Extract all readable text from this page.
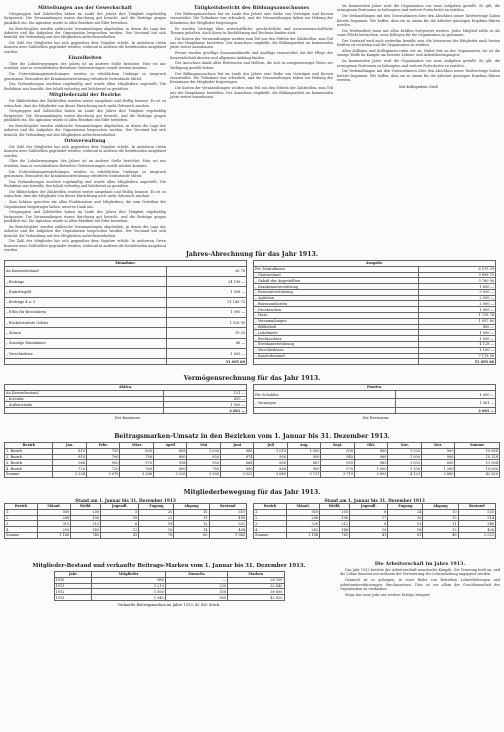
Mitteilungen aus der Gewerkschaft

Ortsgruppen und Zahlstellen haben im Laufe des Jahres ihre Tätigkeit regelmäßig fortgesetzt. Die Versammlungen waren durchweg gut besucht, und die Beiträge gingen pünktlich ein. Die Agitation wurde in allen Bezirken mit Eifer betrieben.

Im Berichtsjahre wurden zahlreiche Versammlungen abgehalten, in denen die Lage der Arbeiter und die Aufgaben der Organisation besprochen wurden. Der Vorstand hat sich bemüht, die Verbindung mit den Mitgliedern aufrechtzuerhalten.

Die Zahl der Mitglieder hat sich gegenüber dem Vorjahre erhöht. In mehreren Orten konnten neue Zahlstellen gegründet werden, während in anderen die bestehenden ausgebaut wurden.

Einzelheiten

Über die Lohnbewegungen des Jahres ist an anderer Stelle berichtet. Hier sei nur erwähnt, dass in verschiedenen Betrieben Verbesserungen erzielt werden konnten.

Die Unterstützungseinrichtungen wurden in erheblichem Umfange in Anspruch genommen. Besonders die Krankenunterstützung erforderte bedeutende Mittel.

Das Verbandsorgan erschien regelmäßig und wurde allen Mitgliedern zugestellt. Die Redaktion war bemüht, den Inhalt vielseitig und belehrend zu gestalten.

Mitgliederzahl der Bezirke

Die Bibliotheken der Zahlstellen wurden weiter ausgebaut und fleißig benutzt. Es ist zu wünschen, dass die Mitglieder von dieser Einrichtung noch mehr Gebrauch machen.

Ortsgruppen und Zahlstellen haben im Laufe des Jahres ihre Tätigkeit regelmäßig fortgesetzt. Die Versammlungen waren durchweg gut besucht, und die Beiträge gingen pünktlich ein. Die Agitation wurde in allen Bezirken mit Eifer betrieben.

Im Berichtsjahre wurden zahlreiche Versammlungen abgehalten, in denen die Lage der Arbeiter und die Aufgaben der Organisation besprochen wurden. Der Vorstand hat sich bemüht, die Verbindung mit den Mitgliedern aufrechtzuerhalten.

Ortsverwaltung

Die Zahl der Mitglieder hat sich gegenüber dem Vorjahre erhöht. In mehreren Orten konnten neue Zahlstellen gegründet werden, während in anderen die bestehenden ausgebaut wurden.

Über die Lohnbewegungen des Jahres ist an anderer Stelle berichtet. Hier sei nur erwähnt, dass in verschiedenen Betrieben Verbesserungen erzielt werden konnten.

Die Unterstützungseinrichtungen wurden in erheblichem Umfange in Anspruch genommen. Besonders die Krankenunterstützung erforderte bedeutende Mittel.

Das Verbandsorgan erschien regelmäßig und wurde allen Mitgliedern zugestellt. Die Redaktion war bemüht, den Inhalt vielseitig und belehrend zu gestalten.

Die Bibliotheken der Zahlstellen wurden weiter ausgebaut und fleißig benutzt. Es ist zu wünschen, dass die Mitglieder von dieser Einrichtung noch mehr Gebrauch machen.

Zum Schluss sprechen wir allen Funktionären und Mitgliedern, die zum Gedeihen der Organisation beigetragen haben, unseren Dank aus.

Ortsgruppen und Zahlstellen haben im Laufe des Jahres ihre Tätigkeit regelmäßig fortgesetzt. Die Versammlungen waren durchweg gut besucht, und die Beiträge gingen pünktlich ein. Die Agitation wurde in allen Bezirken mit Eifer betrieben.

Im Berichtsjahre wurden zahlreiche Versammlungen abgehalten, in denen die Lage der Arbeiter und die Aufgaben der Organisation besprochen wurden. Der Vorstand hat sich bemüht, die Verbindung mit den Mitgliedern aufrechtzuerhalten.

Die Zahl der Mitglieder hat sich gegenüber dem Vorjahre erhöht. In mehreren Orten konnten neue Zahlstellen gegründet werden, während in anderen die bestehenden ausgebaut wurden.

Tätigkeitsbericht des Bildungsausschusses

Der Bildungsausschuss hat im Laufe des Jahres eine Reihe von Vorträgen und Kursen veranstaltet. Die Teilnahme war erfreulich, und die Veranstaltungen haben zur Hebung der Kenntnisse der Mitglieder beigetragen.

Es wurden Vorträge über wirtschaftliche, geschichtliche und naturwissenschaftliche Themen gehalten. Auch Kurse in Buchführung und Rechnen fanden statt.

Die Kosten der Veranstaltungen wurden zum Teil aus den Mitteln der Zahlstellen, zum Teil aus der Hauptkasse bestritten. Der Ausschuss empfiehlt, die Bildungsarbeit im kommenden Jahre weiter auszubauen.

Ferner wurden gesellige Zusammenkünfte und Ausflüge veranstaltet, die der Pflege der Kameradschaft dienten und allgemein Anklang fanden.

Der Ausschuss dankt allen Referenten und Helfern, die sich in uneigennütziger Weise zur Verfügung gestellt haben.

Der Bildungsausschuss hat im Laufe des Jahres eine Reihe von Vorträgen und Kursen veranstaltet. Die Teilnahme war erfreulich, und die Veranstaltungen haben zur Hebung der Kenntnisse der Mitglieder beigetragen.

Die Kosten der Veranstaltungen wurden zum Teil aus den Mitteln der Zahlstellen, zum Teil aus der Hauptkasse bestritten. Der Ausschuss empfiehlt, die Bildungsarbeit im kommenden Jahre weiter auszubauen.

Im kommenden Jahre wird die Organisation vor neue Aufgaben gestellt. Es gilt, die errungenen Positionen zu behaupten und weitere Fortschritte zu erzielen.

Die Verhandlungen mit den Unternehmern über den Abschluss neuer Tarifverträge haben bereits begonnen. Wir hoffen, dass sie zu einem für die Arbeiter günstigen Ergebnis führen werden.

Die Werbearbeit muss mit allen Kräften fortgesetzt werden. Jedes Mitglied sollte es als seine Pflicht betrachten, neue Kollegen für die Organisation zu gewinnen.

Der Vorstand wird auch weiterhin bemüht sein, die Interessen der Mitglieder nach besten Kräften zu vertreten und die Organisation zu stärken.

Allen Kollegen und Kolleginnen rufen wir zu: Haltet fest an der Organisation, sie ist die einzige Waffe im Kampfe um bessere Lebens- und Arbeitsbedingungen!

Im kommenden Jahre wird die Organisation vor neue Aufgaben gestellt. Es gilt, die errungenen Positionen zu behaupten und weitere Fortschritte zu erzielen.

Die Verhandlungen mit den Unternehmern über den Abschluss neuer Tarifverträge haben bereits begonnen. Wir hoffen, dass sie zu einem für die Arbeiter günstigen Ergebnis führen werden.

Mit kollegialem Gruß
Jahres-Abrechnung für das Jahr 1913.
Einnahme.	
An Kassenbestand	26 78
„ Beiträge	24 198 —
„ Eintrittsgeld	1 008 —
„ Beiträge 4 u. 5	21 148 73
„ Erlös für Broschüren	1 090 —
„ Rückerstattete Gelder	1 028 90
„ Zinsen	19 20
„ Sonstige Einnahmen	66 —
„ Verschiedene	1 003 —
	51 095 60
Ausgabe.	
Per Zentralkasse	6 575 39
„ Gauvorstand	3 898 70
„ Gehalt der Angestellten	3 780 90
„ Krankenunterstützung	1 600 —
„ Reiseunterstützung	3 030 —
„ Agitation	2 050 —
„ Bureauunkosten	2 000 —
„ Drucksachen	1 000 —
„ Porto	1 728 78
„ Versammlungen	1 057 60
„ Bibliothek	800 —
„ Lokalmiete	1 090 —
„ Rechtsschutz	1 000 —
„ Streikunterstützung	4 128 —
„ Verschiedenes	1 100 —
„ Kassenbestand	7 178 90
	51 095 60
Vermögensrechnung für das Jahr 1913.
Aktiva.	
An Kassenbestand	151 —
„ Inventar	410 —
„ Außenstände	1 500 —
	2 061 —
Passiva.	
Per Schulden	1 000 —
„ Vermögen	1 061 —
	2 061 —
Der Kassierer:	Die Revisoren:
Beitragsmarken-Umsatz in den Bezirken vom 1. Januar bis 31. Dezember 1913.
Bezirk	Jan.	Febr.	März	April	Mai	Juni	Juli	Aug.	Sept.	Okt.	Nov.	Dez.	Summe
1. Bezirk	810	750	800	808	1 000	980	1 010	1 000	900	880	1 020	900	10 858
2. Bezirk	818	700	756	800	850	874	900	950	940	960	1 000	980	10 328
3. Bezirk	986	900	970	918	950	868	850	887	909	963	1 003	800	11 004
4. Bezirk	720	720	760	800	780	800	880	900	970	1 000	1 100	1 200	10 630
Summe	3 334	3 070	3 286	3 326	3 580	3 522	3 640	3 737	3 719	3 803	4 123	3 880	42 820
Mitgliederbewegung für das Jahr 1913.
Stand am 1. Januar bis 31. Dezember 1913
Bezirk	Männl.	Weibl.	Jugendl.	Zugang	Abgang	Bestand
1.	300	200	5	20	15	510
2.	288	190	18	22	19	499
3.	310	210	6	18	12	532
4.	250	140	12	16	14	404
Summe	1 148	740	41	76	60	1 945
Stand am 1. Januar bis 31. Dezember 1913
Bezirk	Männl.	Weibl.	Jugendl.	Zugang	Abgang	Bestand
1.	310	205	6	24	10	535
2.	296	196	17	20	15	514
3.	320	212	8	19	11	548
4.	262	148	10	18	12	426
Summe	1 188	761	41	81	48	2 023
Mitglieder-Bestand und verkaufte Beitrags-Marken vom 1. Januar bis 31. Dezember 1913.
Jahr	Mitglieder	Zuwachs	Marken
1910	980	—	28 100
1911	1 210	230	32 840
1912	1 560	350	38 600
1913	1 945	385	42 820
Verkaufte Beitragsmarken im Jahre 1913: 42 820 Stück.
Die Arbeiterschaft im Jahre 1913.

Das Jahr 1913 brachte der Arbeiterschaft mancherlei Kämpfe. Die Teuerung hielt an, und die Löhne konnten nur mühsam der Verteuerung der Lebenshaltung angepasst werden.

Dennoch ist es gelungen, in einer Reihe von Betrieben Lohnerhöhungen und Arbeitszeitverkürzungen durchzusetzen. Dies ist vor allem der Geschlossenheit der Organisation zu verdanken.

Möge das neue Jahr uns weitere Erfolge bringen!
